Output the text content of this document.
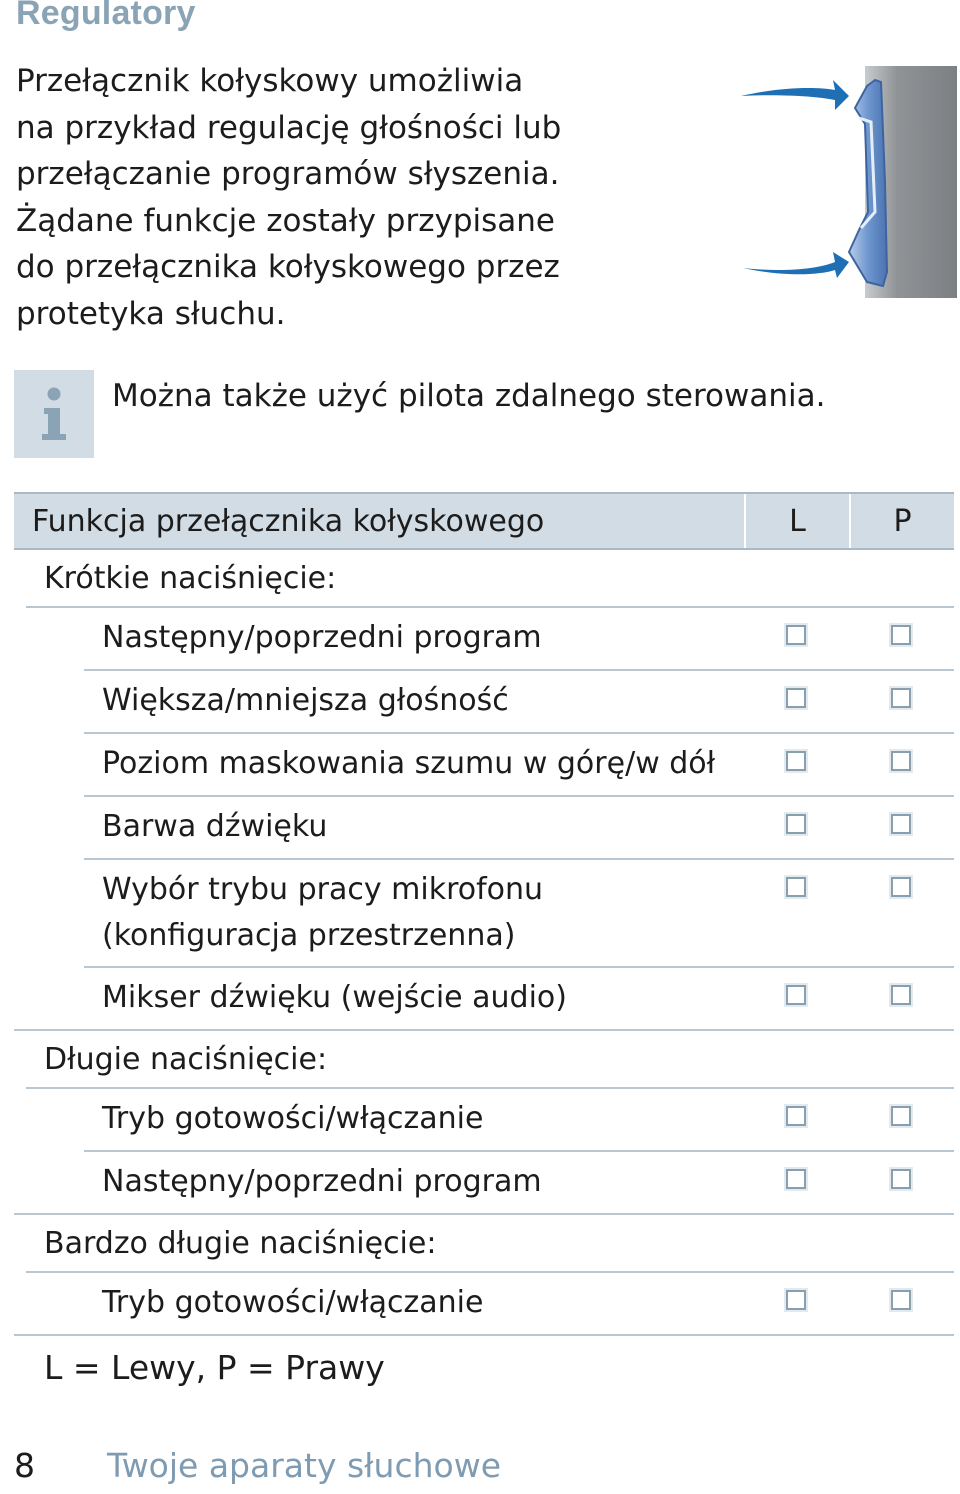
Regulatory
Przełącznik kołyskowy umożliwia
na przykład regulację głośności lub
przełączanie programów słyszenia.
Żądane funkcje zostały przypisane
do przełącznika kołyskowego przez
protetyka słuchu.

Można także użyć pilota zdalnego sterowania.

Funkcja przełącznika kołyskowego	L	P
Krótkie naciśnięcie:
Następny/poprzedni program
Większa/mniejsza głośność
Poziom maskowania szumu w górę/w dół
Barwa dźwięku
Wybór trybu pracy mikrofonu
(konfiguracja przestrzenna)
Mikser dźwięku (wejście audio)
Długie naciśnięcie:
Tryb gotowości/włączanie
Następny/poprzedni program
Bardzo długie naciśnięcie:
Tryb gotowości/włączanie

L = Lewy, P = Prawy

8 Twoje aparaty słuchowe
